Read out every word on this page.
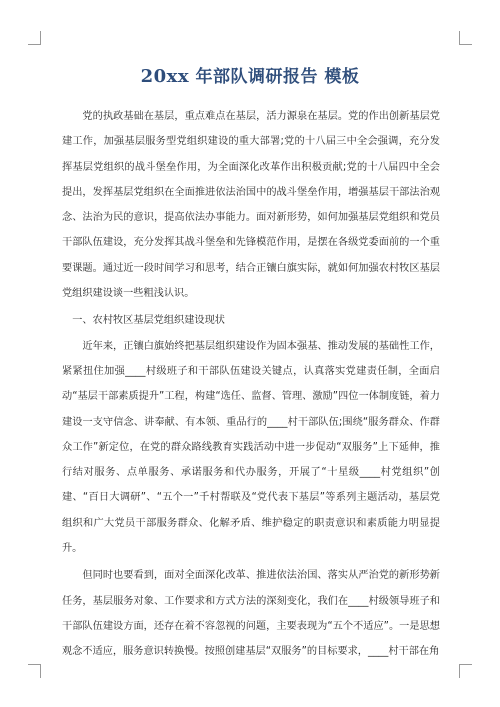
20xx 年部队调研报告 模板

党的执政基础在基层，重点难点在基层，活力源泉在基层。党的作出创新基层党建工作，加强基层服务型党组织建设的重大部署;党的十八届三中全会强调，充分发挥基层党组织的战斗堡垒作用，为全面深化改革作出积极贡献;党的十八届四中全会提出，发挥基层党组织在全面推进依法治国中的战斗堡垒作用，增强基层干部法治观念、法治为民的意识，提高依法办事能力。面对新形势，如何加强基层党组织和党员干部队伍建设，充分发挥其战斗堡垒和先锋模范作用，是摆在各级党委面前的一个重要课题。通过近一段时间学习和思考，结合正镶白旗实际，就如何加强农村牧区基层党组织建设谈一些粗浅认识。

一、农村牧区基层党组织建设现状

近年来，正镶白旗始终把基层组织建设作为固本强基、推动发展的基础性工作，紧紧扭住加强____村级班子和干部队伍建设关键点，认真落实党建责任制，全面启动“基层干部素质提升”工程，构建“选任、监督、管理、激励”四位一体制度链，着力建设一支守信念、讲奉献、有本领、重品行的____村干部队伍;围绕“服务群众、作群众工作”新定位，在党的群众路线教育实践活动中进一步促动“双服务”上下延伸，推行结对服务、点单服务、承诺服务和代办服务，开展了“十星级____村党组织”创建、“百日大调研”、“五个一”千村帮联及“党代表下基层”等系列主题活动，基层党组织和广大党员干部服务群众、化解矛盾、维护稳定的职责意识和素质能力明显提升。

但同时也要看到，面对全面深化改革、推进依法治国、落实从严治党的新形势新任务，基层服务对象、工作要求和方式方法的深刻变化，我们在____村级领导班子和干部队伍建设方面，还存在着不容忽视的问题，主要表现为“五个不适应”。一是思想观念不适应，服务意识转换慢。按照创建基层“双服务”的目标要求，____村干部在角
